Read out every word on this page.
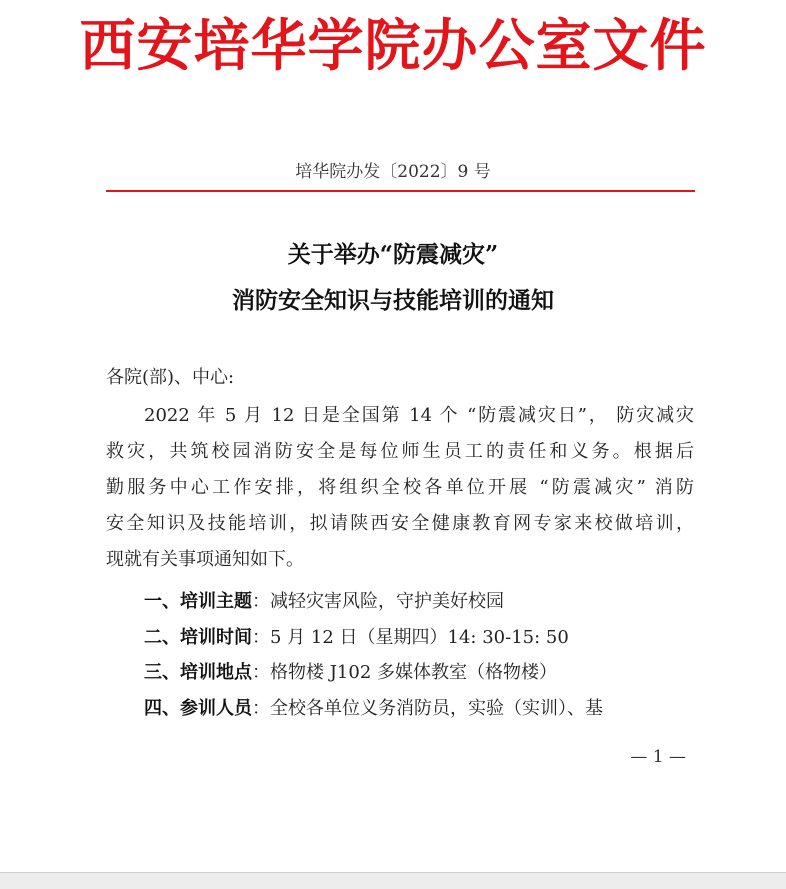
西安培华学院办公室文件
培华院办发〔2022〕9 号
关于举办“防震减灾”
消防安全知识与技能培训的通知
各院(部)、中心:
2022 年 5 月 12 日是全国第 14 个 “防震减灾日”， 防灾减灾
救灾，共筑校园消防安全是每位师生员工的责任和义务。根据后
勤服务中心工作安排，将组织全校各单位开展 “防震减灾” 消防
安全知识及技能培训，拟请陕西安全健康教育网专家来校做培训，
现就有关事项通知如下。
一、培训主题：减轻灾害风险，守护美好校园
二、培训时间：5 月 12 日（星期四）14: 30-15: 50
三、培训地点：格物楼 J102 多媒体教室（格物楼）
四、参训人员：全校各单位义务消防员，实验（实训）、基
— 1 —
